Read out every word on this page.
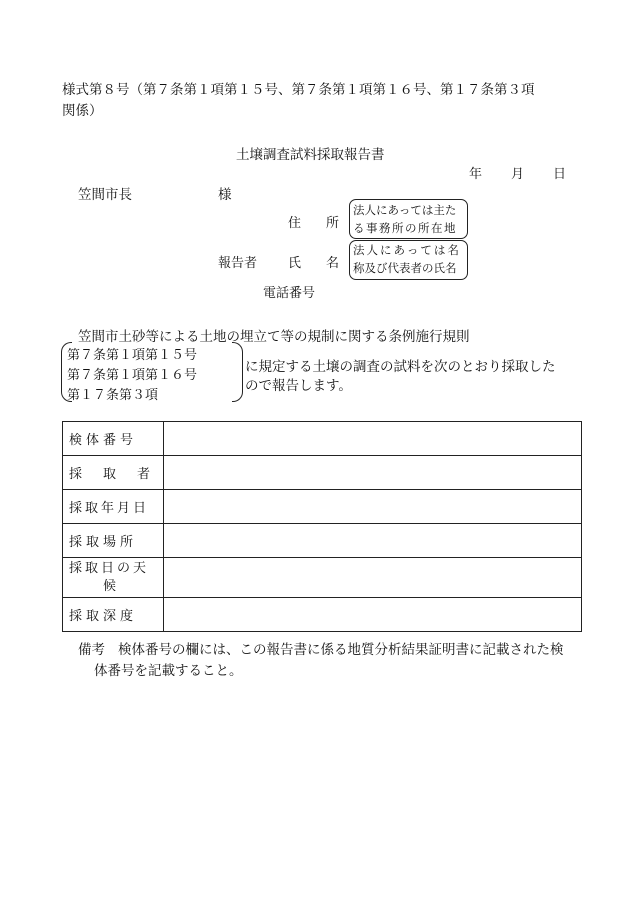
様式第８号（第７条第１項第１５号、第７条第１項第１６号、第１７条第３項
関係）
土壌調査試料採取報告書
年 月 日
笠間市長	様
住　所
法人にあっては主た
る事務所の所在地
報告者 氏　名
法人にあっては名
称及び代表者の氏名
電話番号
笠間市土砂等による土地の埋立て等の規制に関する条例施行規則
第７条第１項第１５号
第７条第１項第１６号
第１７条第３項
に規定する土壌の調査の試料を次のとおり採取した
ので報告します。
検体番号	
採　取　者	
採取年月日	
採取場所	

採取日の天
候	

採取深度	
備考 検体番号の欄には、この報告書に係る地質分析結果証明書に記載された検
体番号を記載すること。
